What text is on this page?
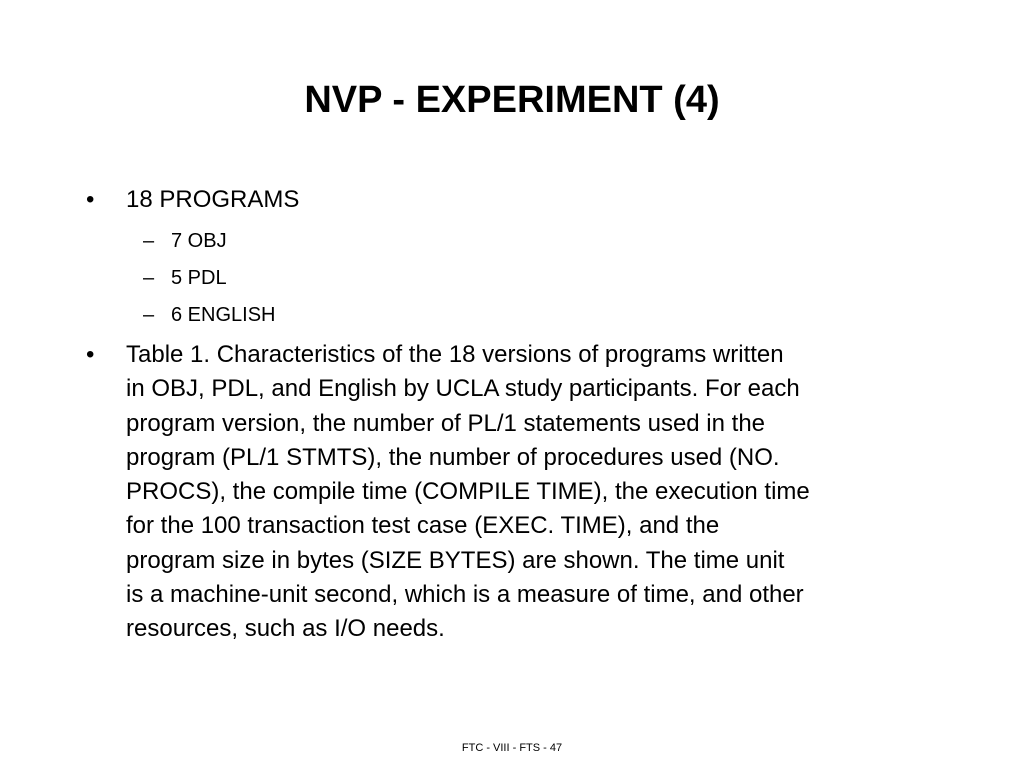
NVP - EXPERIMENT (4)
• 18 PROGRAMS
– 7 OBJ
– 5 PDL
– 6 ENGLISH
• Table 1. Characteristics of the 18 versions of programs written
in OBJ, PDL, and English by UCLA study participants. For each
program version, the number of PL/1 statements used in the
program (PL/1 STMTS), the number of procedures used (NO.
PROCS), the compile time (COMPILE TIME), the execution time
for the 100 transaction test case (EXEC. TIME), and the
program size in bytes (SIZE BYTES) are shown. The time unit
is a machine-unit second, which is a measure of time, and other
resources, such as I/O needs.
FTC - VIII - FTS - 47
